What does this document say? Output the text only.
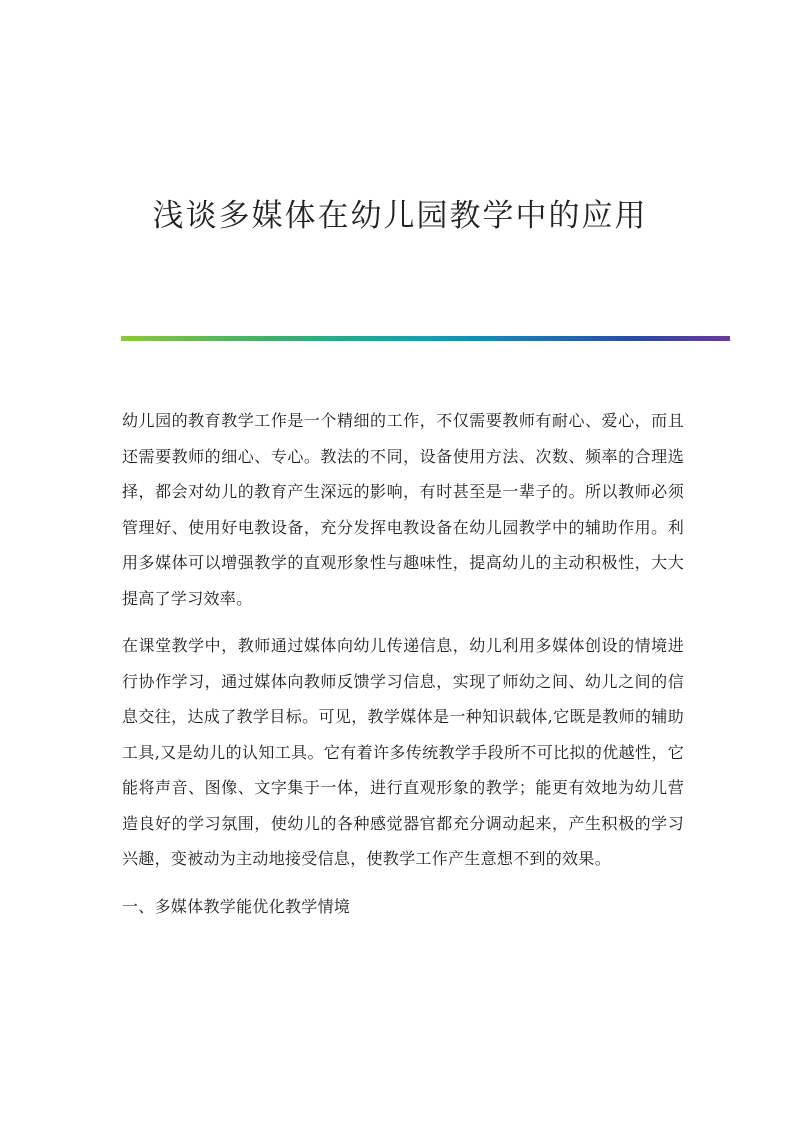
浅谈多媒体在幼儿园教学中的应用

幼儿园的教育教学工作是一个精细的工作，不仅需要教师有耐心、爱心，而且还需要教师的细心、专心。教法的不同，设备使用方法、次数、频率的合理选择，都会对幼儿的教育产生深远的影响，有时甚至是一辈子的。所以教师必须管理好、使用好电教设备，充分发挥电教设备在幼儿园教学中的辅助作用。利用多媒体可以增强教学的直观形象性与趣味性，提高幼儿的主动积极性，大大提高了学习效率。

在课堂教学中，教师通过媒体向幼儿传递信息，幼儿利用多媒体创设的情境进行协作学习，通过媒体向教师反馈学习信息，实现了师幼之间、幼儿之间的信息交往，达成了教学目标。可见，教学媒体是一种知识载体,它既是教师的辅助工具,又是幼儿的认知工具。它有着许多传统教学手段所不可比拟的优越性，它能将声音、图像、文字集于一体，进行直观形象的教学；能更有效地为幼儿营造良好的学习氛围，使幼儿的各种感觉器官都充分调动起来，产生积极的学习兴趣，变被动为主动地接受信息，使教学工作产生意想不到的效果。

一、多媒体教学能优化教学情境
